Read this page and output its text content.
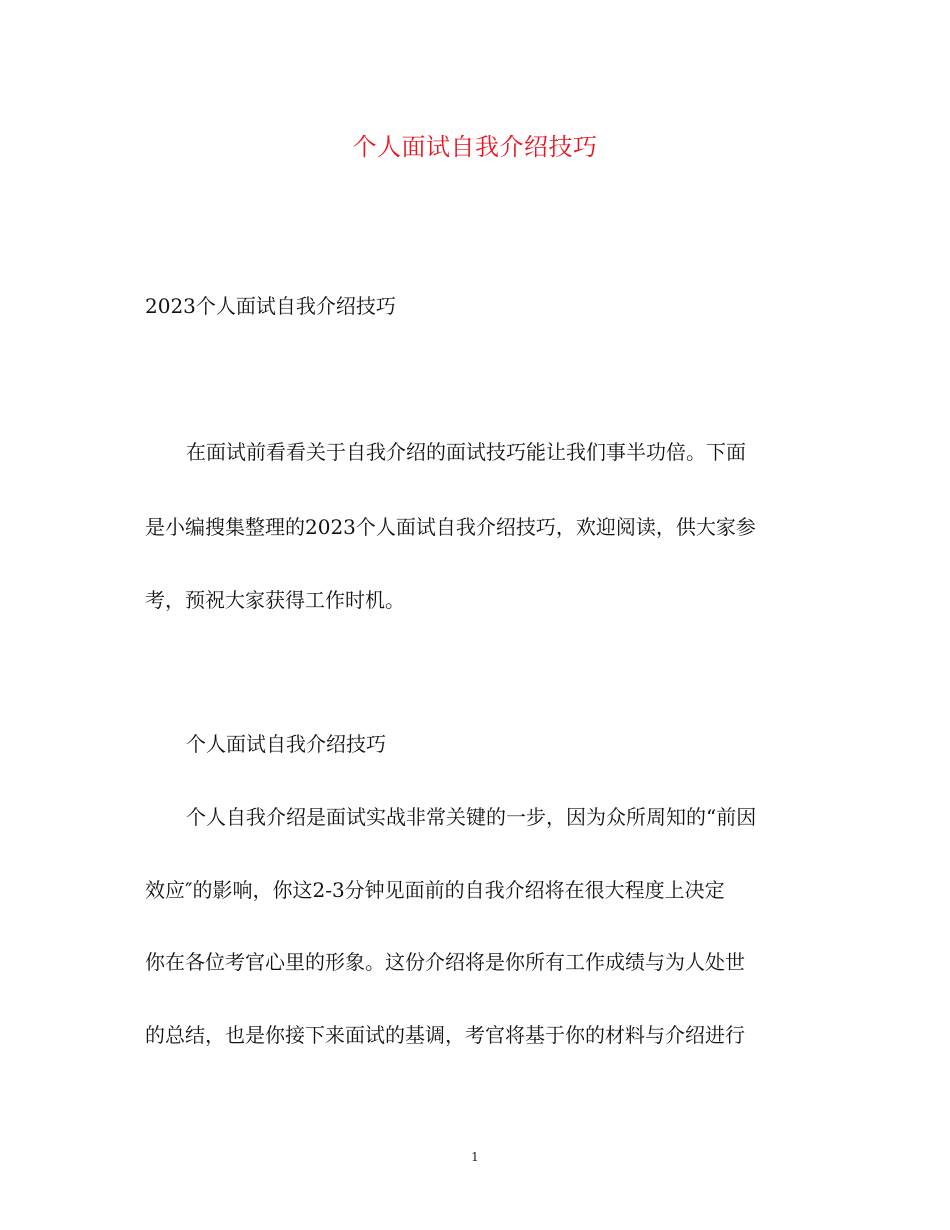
个人面试自我介绍技巧
2023个人面试自我介绍技巧
在面试前看看关于自我介绍的面试技巧能让我们事半功倍。下面
是小编搜集整理的2023个人面试自我介绍技巧，欢迎阅读，供大家参
考，预祝大家获得工作时机。
个人面试自我介绍技巧
个人自我介绍是面试实战非常关键的一步，因为众所周知的“前因
效应″的影响，你这2-3分钟见面前的自我介绍将在很大程度上决定
你在各位考官心里的形象。这份介绍将是你所有工作成绩与为人处世
的总结，也是你接下来面试的基调，考官将基于你的材料与介绍进行
1
